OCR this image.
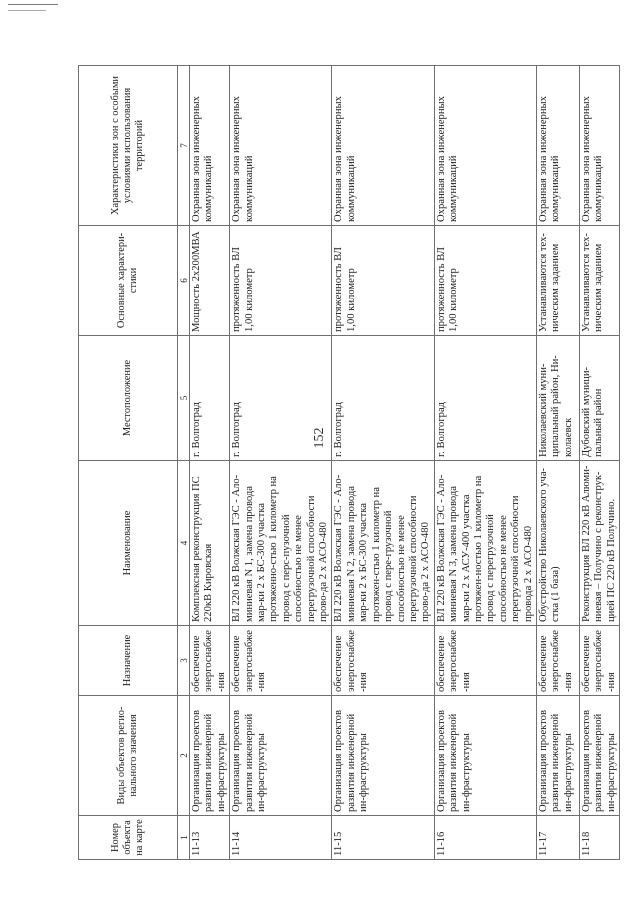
152
Номер объекта на карте	Виды объектов регио-нального значения	Назначение	Наименование	Местоположение	Основные характери-стики	Характеристики зон с особыми условиями использования территорий
1	2	3	4	5	6	7
11-13	Организация проектов развития инженерной ин-фраструктуры	обеспечение энергоснабже-ния	Комплексная реконструкция ПС 220кВ Кировская	г. Волгоград	Мощность 2х200МВА	Охранная зона инженерных коммуникаций
11-14	Организация проектов развития инженерной ин-фраструктуры	обеспечение энергоснабже-ния	ВЛ 220 кВ Волжская ГЭС - Ало-миниевая N 1, замена провода мар-ки 2 х БС-300 участка протяженно-стью 1 километр на провод с перс-пузочной способностью не менее перегрузочной способности прово-да 2 х АСО-480	г. Волгоград	протяженность ВЛ 1,00 километр	Охранная зона инженерных коммуникаций
11-15	Организация проектов развития инженерной ин-фраструктуры	обеспечение энергоснабже-ния	ВЛ 220 кВ Волжская ГЭС - Ало-миниевая N 2, замена провода мар-ки 2 х БС-300 участка протяжен-стью 1 километр на провод с пере-грузочной способностью не менее перегрузочной способности прово-да 2 х АСО-480	г. Волгоград	протяженность ВЛ 1,00 километр	Охранная зона инженерных коммуникаций
11-16	Организация проектов развития инженерной ин-фраструктуры	обеспечение энергоснабже-ния	ВЛ 220 кВ Волжская ГЭС - Ало-миниевая N 3, замена провода мар-ки 2 х АСУ-400 участка протяжен-ностью 1 километр на провод с перегрузочной способностью не менее перегрузочной способности провода 2 х АСО-480	г. Волгоград	протяженность ВЛ 1,00 километр	Охранная зона инженерных коммуникаций
11-17	Организация проектов развития инженерной ин-фраструктуры	обеспечение энергоснабже-ния	Обустройство Николаевского уча-стка (1 база)	Николаевский муни-ципальный район, Ни-колаевск	Устанавливаются тех-ническим заданием	Охранная зона инженерных коммуникаций
11-18	Организация проектов развития инженерной ин-фраструктуры	обеспечение энергоснабже-ния	Реконструкция ВЛ 220 кВ Алюми-ниевая – Получино с реконструк-цией ПС 220 кВ Получино.	Дубовский муници-пальный район	Устанавливаются тех-ническим заданием	Охранная зона инженерных коммуникаций
